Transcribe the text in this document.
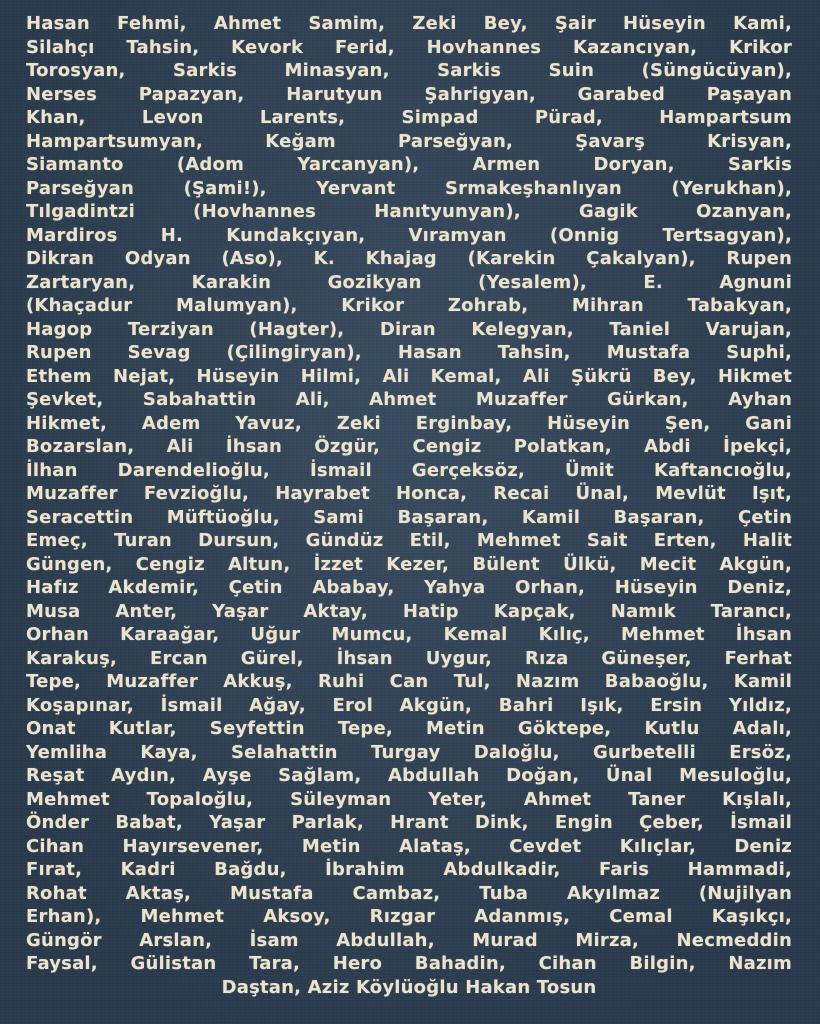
Hasan Fehmi, Ahmet Samim, Zeki Bey, Şair Hüseyin Kami,
Silahçı Tahsin, Kevork Ferid, Hovhannes Kazancıyan, Krikor
Torosyan, Sarkis Minasyan, Sarkis Suin (Süngücüyan),
Nerses Papazyan, Harutyun Şahrigyan, Garabed Paşayan
Khan, Levon Larents, Simpad Pürad, Hampartsum
Hampartsumyan, Keğam Parseğyan, Şavarş Krisyan,
Siamanto (Adom Yarcanyan), Armen Doryan, Sarkis
Parseğyan (Şami!), Yervant Srmakeşhanlıyan (Yerukhan),
Tılgadintzi (Hovhannes Hanıtyunyan), Gagik Ozanyan,
Mardiros H. Kundakçıyan, Vıramyan (Onnig Tertsagyan),
Dikran Odyan (Aso), K. Khajag (Karekin Çakalyan), Rupen
Zartaryan, Karakin Gozikyan (Yesalem), E. Agnuni
(Khaçadur Malumyan), Krikor Zohrab, Mihran Tabakyan,
Hagop Terziyan (Hagter), Diran Kelegyan, Taniel Varujan,
Rupen Sevag (Çilingiryan), Hasan Tahsin, Mustafa Suphi,
Ethem Nejat, Hüseyin Hilmi, Ali Kemal, Ali Şükrü Bey, Hikmet
Şevket, Sabahattin Ali, Ahmet Muzaffer Gürkan, Ayhan
Hikmet, Adem Yavuz, Zeki Erginbay, Hüseyin Şen, Gani
Bozarslan, Ali İhsan Özgür, Cengiz Polatkan, Abdi İpekçi,
İlhan Darendelioğlu, İsmail Gerçeksöz, Ümit Kaftancıoğlu,
Muzaffer Fevzioğlu, Hayrabet Honca, Recai Ünal, Mevlüt Işıt,
Seracettin Müftüoğlu, Sami Başaran, Kamil Başaran, Çetin
Emeç, Turan Dursun, Gündüz Etil, Mehmet Sait Erten, Halit
Güngen, Cengiz Altun, İzzet Kezer, Bülent Ülkü, Mecit Akgün,
Hafız Akdemir, Çetin Ababay, Yahya Orhan, Hüseyin Deniz,
Musa Anter, Yaşar Aktay, Hatip Kapçak, Namık Tarancı,
Orhan Karaağar, Uğur Mumcu, Kemal Kılıç, Mehmet İhsan
Karakuş, Ercan Gürel, İhsan Uygur, Rıza Güneşer, Ferhat
Tepe, Muzaffer Akkuş, Ruhi Can Tul, Nazım Babaoğlu, Kamil
Koşapınar, İsmail Ağay, Erol Akgün, Bahri Işık, Ersin Yıldız,
Onat Kutlar, Seyfettin Tepe, Metin Göktepe, Kutlu Adalı,
Yemliha Kaya, Selahattin Turgay Daloğlu, Gurbetelli Ersöz,
Reşat Aydın, Ayşe Sağlam, Abdullah Doğan, Ünal Mesuloğlu,
Mehmet Topaloğlu, Süleyman Yeter, Ahmet Taner Kışlalı,
Önder Babat, Yaşar Parlak, Hrant Dink, Engin Çeber, İsmail
Cihan Hayırsevener, Metin Alataş, Cevdet Kılıçlar, Deniz
Fırat, Kadri Bağdu, İbrahim Abdulkadir, Faris Hammadi,
Rohat Aktaş, Mustafa Cambaz, Tuba Akyılmaz (Nujilyan
Erhan), Mehmet Aksoy, Rızgar Adanmış, Cemal Kaşıkçı,
Güngör Arslan, İsam Abdullah, Murad Mirza, Necmeddin
Faysal, Gülistan Tara, Hero Bahadin, Cihan Bilgin, Nazım
Daştan, Aziz Köylüoğlu Hakan Tosun
